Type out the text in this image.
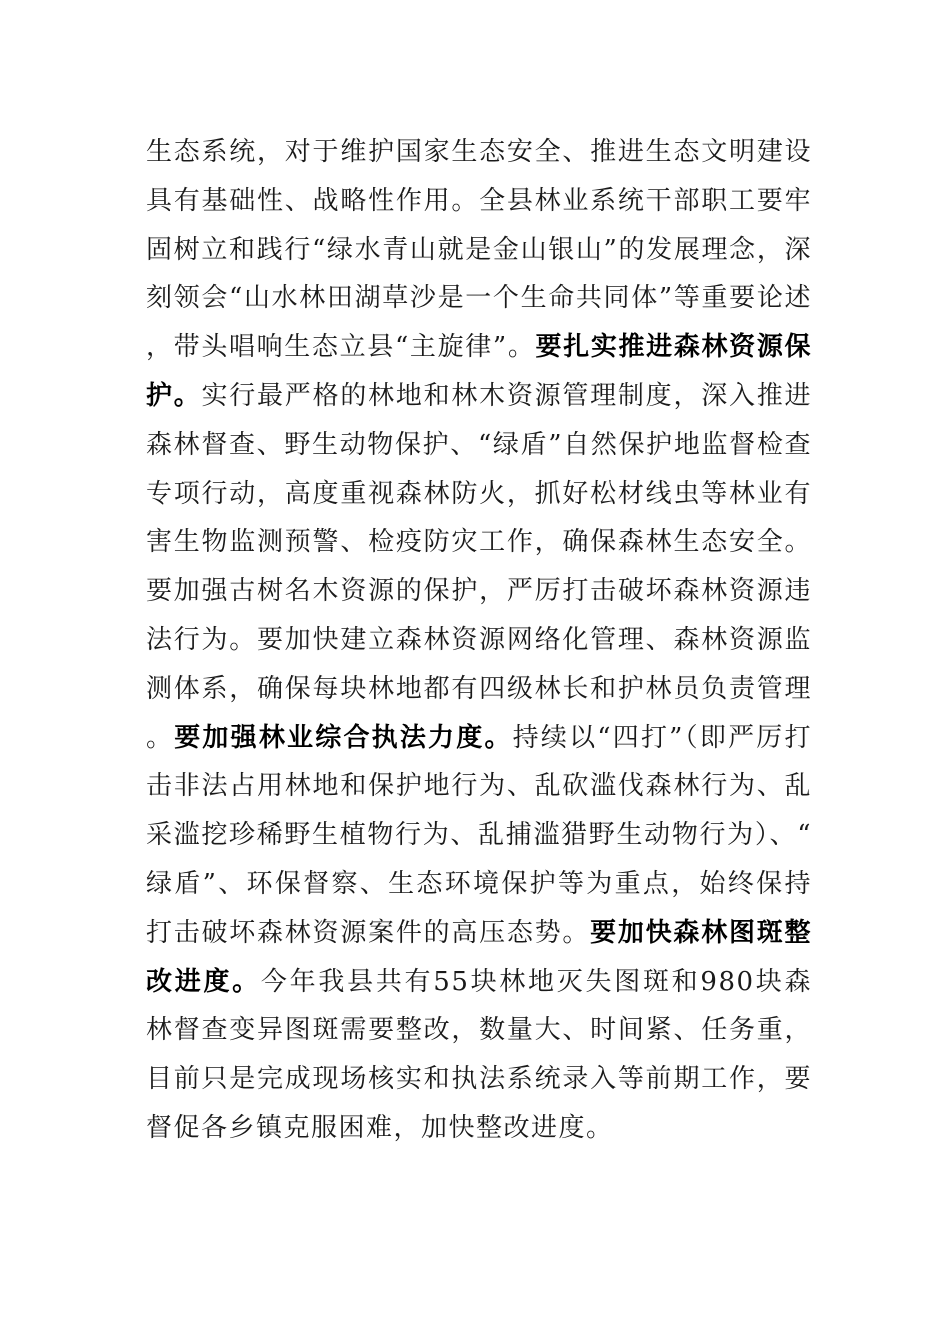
生态系统，对于维护国家生态安全、推进生态文明建设具有基础性、战略性作用。全县林业系统干部职工要牢固树立和践行“绿水青山就是金山银山”的发展理念，深刻领会“山水林田湖草沙是一个生命共同体”等重要论述，带头唱响生态立县“主旋律”。要扎实推进森林资源保护。实行最严格的林地和林木资源管理制度，深入推进森林督查、野生动物保护、“绿盾”自然保护地监督检查专项行动，高度重视森林防火，抓好松材线虫等林业有害生物监测预警、检疫防灾工作，确保森林生态安全。要加强古树名木资源的保护，严厉打击破坏森林资源违法行为。要加快建立森林资源网络化管理、森林资源监测体系，确保每块林地都有四级林长和护林员负责管理。要加强林业综合执法力度。持续以“四打”（即严厉打击非法占用林地和保护地行为、乱砍滥伐森林行为、乱采滥挖珍稀野生植物行为、乱捕滥猎野生动物行为）、“绿盾”、环保督察、生态环境保护等为重点，始终保持打击破坏森林资源案件的高压态势。要加快森林图斑整改进度。今年我县共有55块林地灭失图斑和980块森林督查变异图斑需要整改，数量大、时间紧、任务重，目前只是完成现场核实和执法系统录入等前期工作，要督促各乡镇克服困难，加快整改进度。
